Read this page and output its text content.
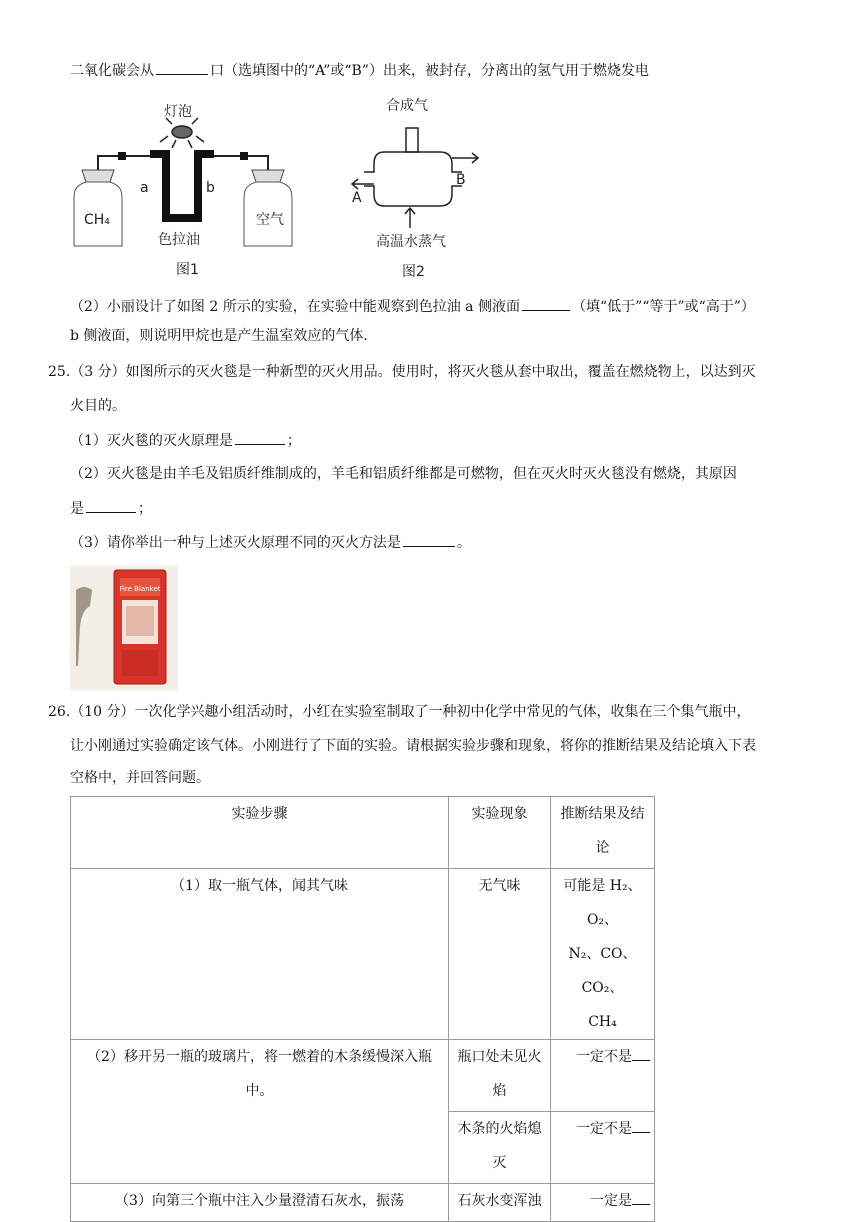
二氧化碳会从	口（选填图中的“A”或“B”）出来，被封存，分离出的氢气用于燃烧发电
灯泡
a	b
CH₄	空气
色拉油
图1
合成气
B
A
高温水蒸气
图2
（2）小丽设计了如图 2 所示的实验，在实验中能观察到色拉油 a 侧液面	（填“低于”“等于”或“高于”）
b 侧液面，则说明甲烷也是产生温室效应的气体.
25.（3 分）如图所示的灭火毯是一种新型的灭火用品。使用时，将灭火毯从套中取出，覆盖在燃烧物上，以达到灭
火目的。
（1）灭火毯的灭火原理是	；
（2）灭火毯是由羊毛及铝质纤维制成的，羊毛和铝质纤维都是可燃物，但在灭火时灭火毯没有燃烧，其原因
是	；
（3）请你举出一种与上述灭火原理不同的灭火方法是	。
Fire Blanket
26.（10 分）一次化学兴趣小组活动时，小红在实验室制取了一种初中化学中常见的气体，收集在三个集气瓶中，
让小刚通过实验确定该气体。小刚进行了下面的实验。请根据实验步骤和现象，将你的推断结果及结论填入下表
空格中，并回答问题。
实验步骤	实验现象	推断结果及结
论
（1）取一瓶气体，闻其气味	无气味	可能是 H₂、O₂、
N₂、CO、CO₂、
CH₄
（2）移开另一瓶的玻璃片，将一燃着的木条缓慢深入瓶
中。	瓶口处未见火
焰	一定不是
	木条的火焰熄
灭	一定不是
（3）向第三个瓶中注入少量澄清石灰水，振荡	石灰水变浑浊	一定是
